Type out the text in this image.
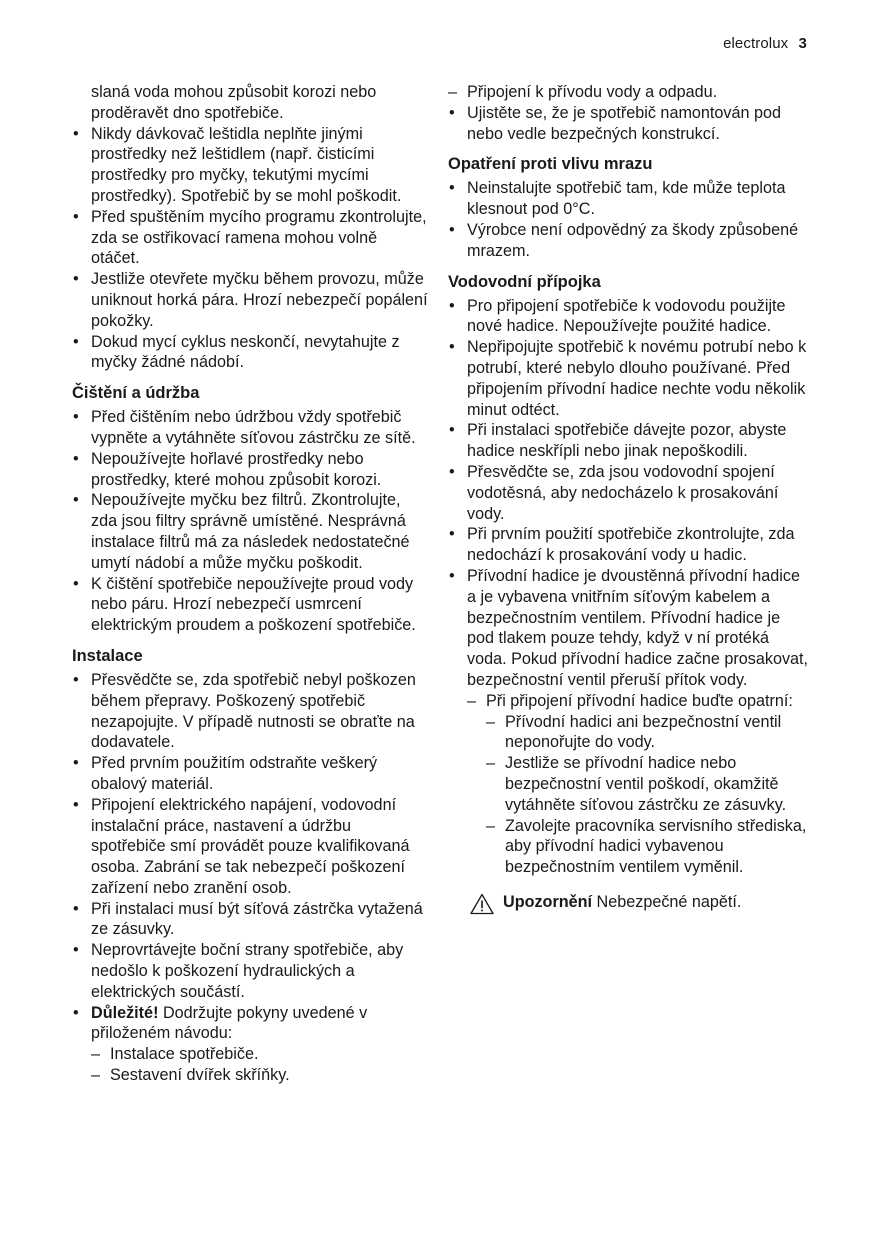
electrolux 3

slaná voda mohou způsobit korozi nebo proděravět dno spotřebiče.

• Nikdy dávkovač leštidla neplňte jinými prostředky než leštidlem (např. čisticími prostředky pro myčky, tekutými mycími prostředky). Spotřebič by se mohl poškodit.
• Před spuštěním mycího programu zkontrolujte, zda se ostřikovací ramena mohou volně otáčet.
• Jestliže otevřete myčku během provozu, může uniknout horká pára. Hrozí nebezpečí popálení pokožky.
• Dokud mycí cyklus neskončí, nevytahujte z myčky žádné nádobí.
Čištění a údržba
• Před čištěním nebo údržbou vždy spotřebič vypněte a vytáhněte síťovou zástrčku ze sítě.
• Nepoužívejte hořlavé prostředky nebo prostředky, které mohou způsobit korozi.
• Nepoužívejte myčku bez filtrů. Zkontrolujte, zda jsou filtry správně umístěné. Nesprávná instalace filtrů má za následek nedostatečné umytí nádobí a může myčku poškodit.
• K čištění spotřebiče nepoužívejte proud vody nebo páru. Hrozí nebezpečí usmrcení elektrickým proudem a poškození spotřebiče.
Instalace
• Přesvědčte se, zda spotřebič nebyl poškozen během přepravy. Poškozený spotřebič nezapojujte. V případě nutnosti se obraťte na dodavatele.
• Před prvním použitím odstraňte veškerý obalový materiál.
• Připojení elektrického napájení, vodovodní instalační práce, nastavení a údržbu spotřebiče smí provádět pouze kvalifikovaná osoba. Zabrání se tak nebezpečí poškození zařízení nebo zranění osob.
• Při instalaci musí být síťová zástrčka vytažená ze zásuvky.
• Neprovrtávejte boční strany spotřebiče, aby nedošlo k poškození hydraulických a elektrických součástí.

• Důležité! Dodržujte pokyny uvedené v přiloženém návodu:

– Instalace spotřebiče.
– Sestavení dvířek skříňky.
– Připojení k přívodu vody a odpadu.
• Ujistěte se, že je spotřebič namontován pod nebo vedle bezpečných konstrukcí.
Opatření proti vlivu mrazu
• Neinstalujte spotřebič tam, kde může teplota klesnout pod 0°C.
• Výrobce není odpovědný za škody způsobené mrazem.
Vodovodní přípojka
• Pro připojení spotřebiče k vodovodu použijte nové hadice. Nepoužívejte použité hadice.
• Nepřipojujte spotřebič k novému potrubí nebo k potrubí, které nebylo dlouho používané. Před připojením přívodní hadice nechte vodu několik minut odtéct.
• Při instalaci spotřebiče dávejte pozor, abyste hadice neskřípli nebo jinak nepoškodili.
• Přesvědčte se, zda jsou vodovodní spojení vodotěsná, aby nedocházelo k prosakování vody.
• Při prvním použití spotřebiče zkontrolujte, zda nedochází k prosakování vody u hadic.

• Přívodní hadice je dvoustěnná přívodní hadice a je vybavena vnitřním síťovým kabelem a bezpečnostním ventilem. Přívodní hadice je pod tlakem pouze tehdy, když v ní protéká voda. Pokud přívodní hadice začne prosakovat, bezpečnostní ventil přeruší přítok vody.

– Při připojení přívodní hadice buďte opatrní:

– Přívodní hadici ani bezpečnostní ventil neponořujte do vody.
– Jestliže se přívodní hadice nebo bezpečnostní ventil poškodí, okamžitě vytáhněte síťovou zástrčku ze zásuvky.
– Zavolejte pracovníka servisního střediska, aby přívodní hadici vybavenou bezpečnostním ventilem vyměnil.

Upozornění Nebezpečné napětí.
